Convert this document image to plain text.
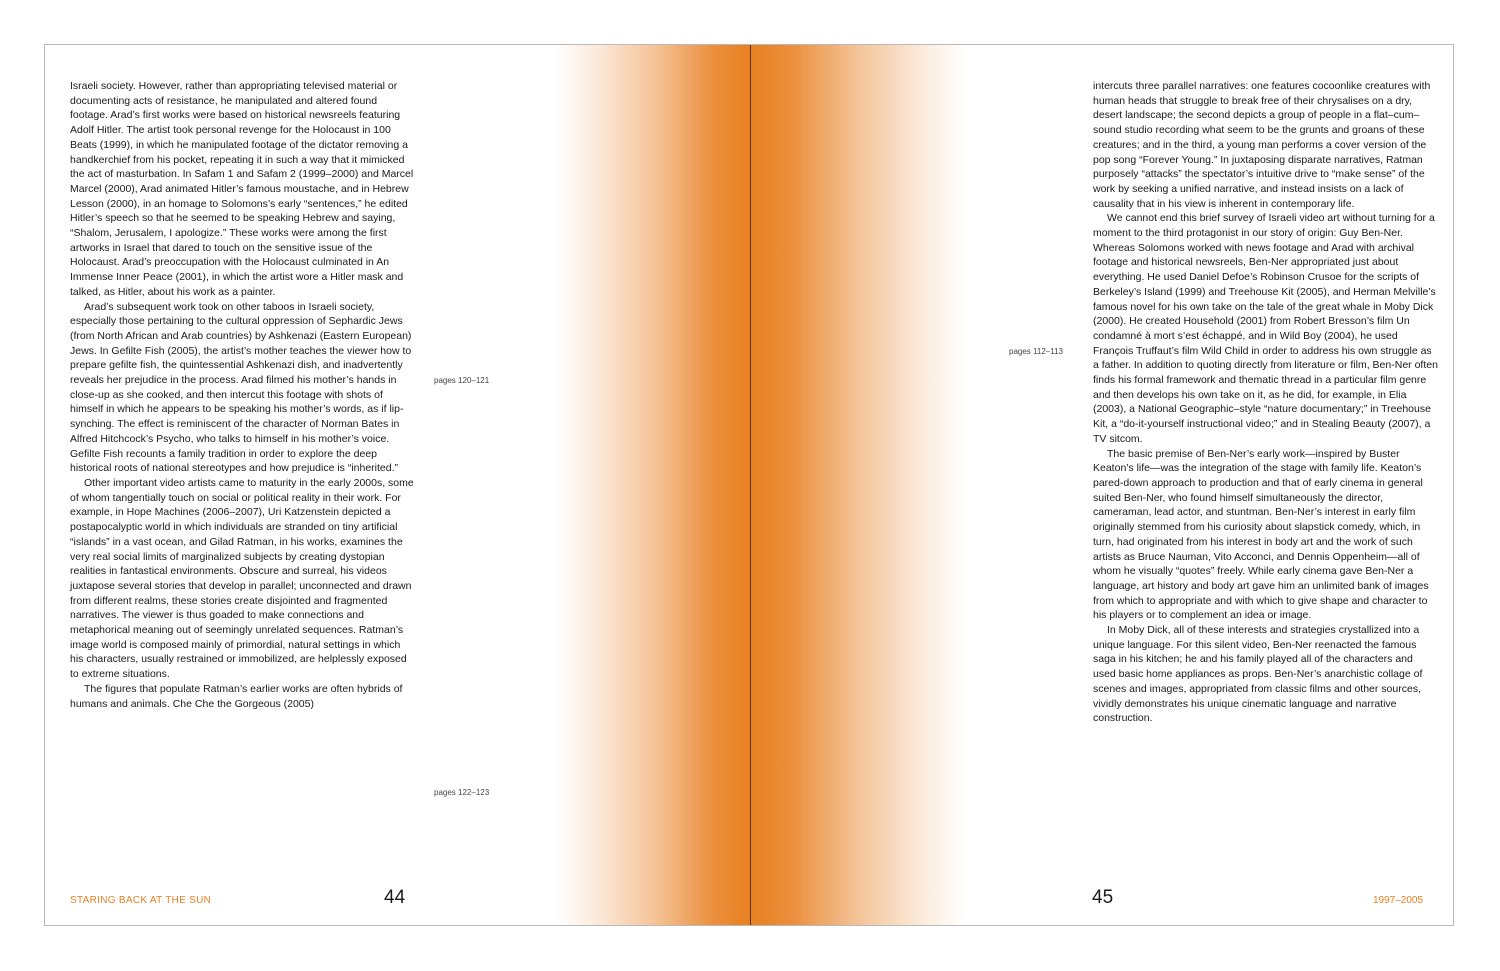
Israeli society. However, rather than appropriating televised material or documenting acts of resistance, he manipulated and altered found footage. Arad’s first works were based on historical newsreels featuring Adolf Hitler. The artist took personal revenge for the Holocaust in 100 Beats (1999), in which he manipulated footage of the dictator removing a handkerchief from his pocket, repeating it in such a way that it mimicked the act of masturbation. In Safam 1 and Safam 2 (1999–2000) and Marcel Marcel (2000), Arad animated Hitler’s famous moustache, and in Hebrew Lesson (2000), in an homage to Solomons’s early “sentences,” he edited Hitler’s speech so that he seemed to be speaking Hebrew and saying, “Shalom, Jerusalem, I apologize.” These works were among the first artworks in Israel that dared to touch on the sensitive issue of the Holocaust. Arad’s preoccupation with the Holocaust culminated in An Immense Inner Peace (2001), in which the artist wore a Hitler mask and talked, as Hitler, about his work as a painter.

Arad’s subsequent work took on other taboos in Israeli society, especially those pertaining to the cultural oppression of Sephardic Jews (from North African and Arab countries) by Ashkenazi (Eastern European) Jews. In Gefilte Fish (2005), the artist’s mother teaches the viewer how to prepare gefilte fish, the quintessential Ashkenazi dish, and inadvertently reveals her prejudice in the process. Arad filmed his mother’s hands in close-up as she cooked, and then intercut this footage with shots of himself in which he appears to be speaking his mother’s words, as if lip-synching. The effect is reminiscent of the character of Norman Bates in Alfred Hitchcock’s Psycho, who talks to himself in his mother’s voice. Gefilte Fish recounts a family tradition in order to explore the deep historical roots of national stereotypes and how prejudice is “inherited.”

Other important video artists came to maturity in the early 2000s, some of whom tangentially touch on social or political reality in their work. For example, in Hope Machines (2006–2007), Uri Katzenstein depicted a postapocalyptic world in which individuals are stranded on tiny artificial “islands” in a vast ocean, and Gilad Ratman, in his works, examines the very real social limits of marginalized subjects by creating dystopian realities in fantastical environments. Obscure and surreal, his videos juxtapose several stories that develop in parallel; unconnected and drawn from different realms, these stories create disjointed and fragmented narratives. The viewer is thus goaded to make connections and metaphorical meaning out of seemingly unrelated sequences. Ratman’s image world is composed mainly of primordial, natural settings in which his characters, usually restrained or immobilized, are helplessly exposed to extreme situations.

The figures that populate Ratman’s earlier works are often hybrids of humans and animals. Che Che the Gorgeous (2005)

pages 120–121
pages 122–123
pages 112–113

intercuts three parallel narratives: one features cocoonlike creatures with human heads that struggle to break free of their chrysalises on a dry, desert landscape; the second depicts a group of people in a flat–cum–sound studio recording what seem to be the grunts and groans of these creatures; and in the third, a young man performs a cover version of the pop song “Forever Young.” In juxtaposing disparate narratives, Ratman purposely “attacks” the spectator’s intuitive drive to “make sense” of the work by seeking a unified narrative, and instead insists on a lack of causality that in his view is inherent in contemporary life.

We cannot end this brief survey of Israeli video art without turning for a moment to the third protagonist in our story of origin: Guy Ben-Ner. Whereas Solomons worked with news footage and Arad with archival footage and historical newsreels, Ben-Ner appropriated just about everything. He used Daniel Defoe’s Robinson Crusoe for the scripts of Berkeley’s Island (1999) and Treehouse Kit (2005), and Herman Melville’s famous novel for his own take on the tale of the great whale in Moby Dick (2000). He created Household (2001) from Robert Bresson’s film Un condamné à mort s’est échappé, and in Wild Boy (2004), he used François Truffaut’s film Wild Child in order to address his own struggle as a father. In addition to quoting directly from literature or film, Ben-Ner often finds his formal framework and thematic thread in a particular film genre and then develops his own take on it, as he did, for example, in Elia (2003), a National Geographic–style “nature documentary;” in Treehouse Kit, a “do-it-yourself instructional video;” and in Stealing Beauty (2007), a TV sitcom.

The basic premise of Ben-Ner’s early work—inspired by Buster Keaton’s life—was the integration of the stage with family life. Keaton’s pared-down approach to production and that of early cinema in general suited Ben-Ner, who found himself simultaneously the director, cameraman, lead actor, and stuntman. Ben-Ner’s interest in early film originally stemmed from his curiosity about slapstick comedy, which, in turn, had originated from his interest in body art and the work of such artists as Bruce Nauman, Vito Acconci, and Dennis Oppenheim—all of whom he visually “quotes” freely. While early cinema gave Ben-Ner a language, art history and body art gave him an unlimited bank of images from which to appropriate and with which to give shape and character to his players or to complement an idea or image.

In Moby Dick, all of these interests and strategies crystallized into a unique language. For this silent video, Ben-Ner reenacted the famous saga in his kitchen; he and his family played all of the characters and used basic home appliances as props. Ben-Ner’s anarchistic collage of scenes and images, appropriated from classic films and other sources, vividly demonstrates his unique cinematic language and narrative construction.

STARING BACK AT THE SUN	44	45	1997–2005
